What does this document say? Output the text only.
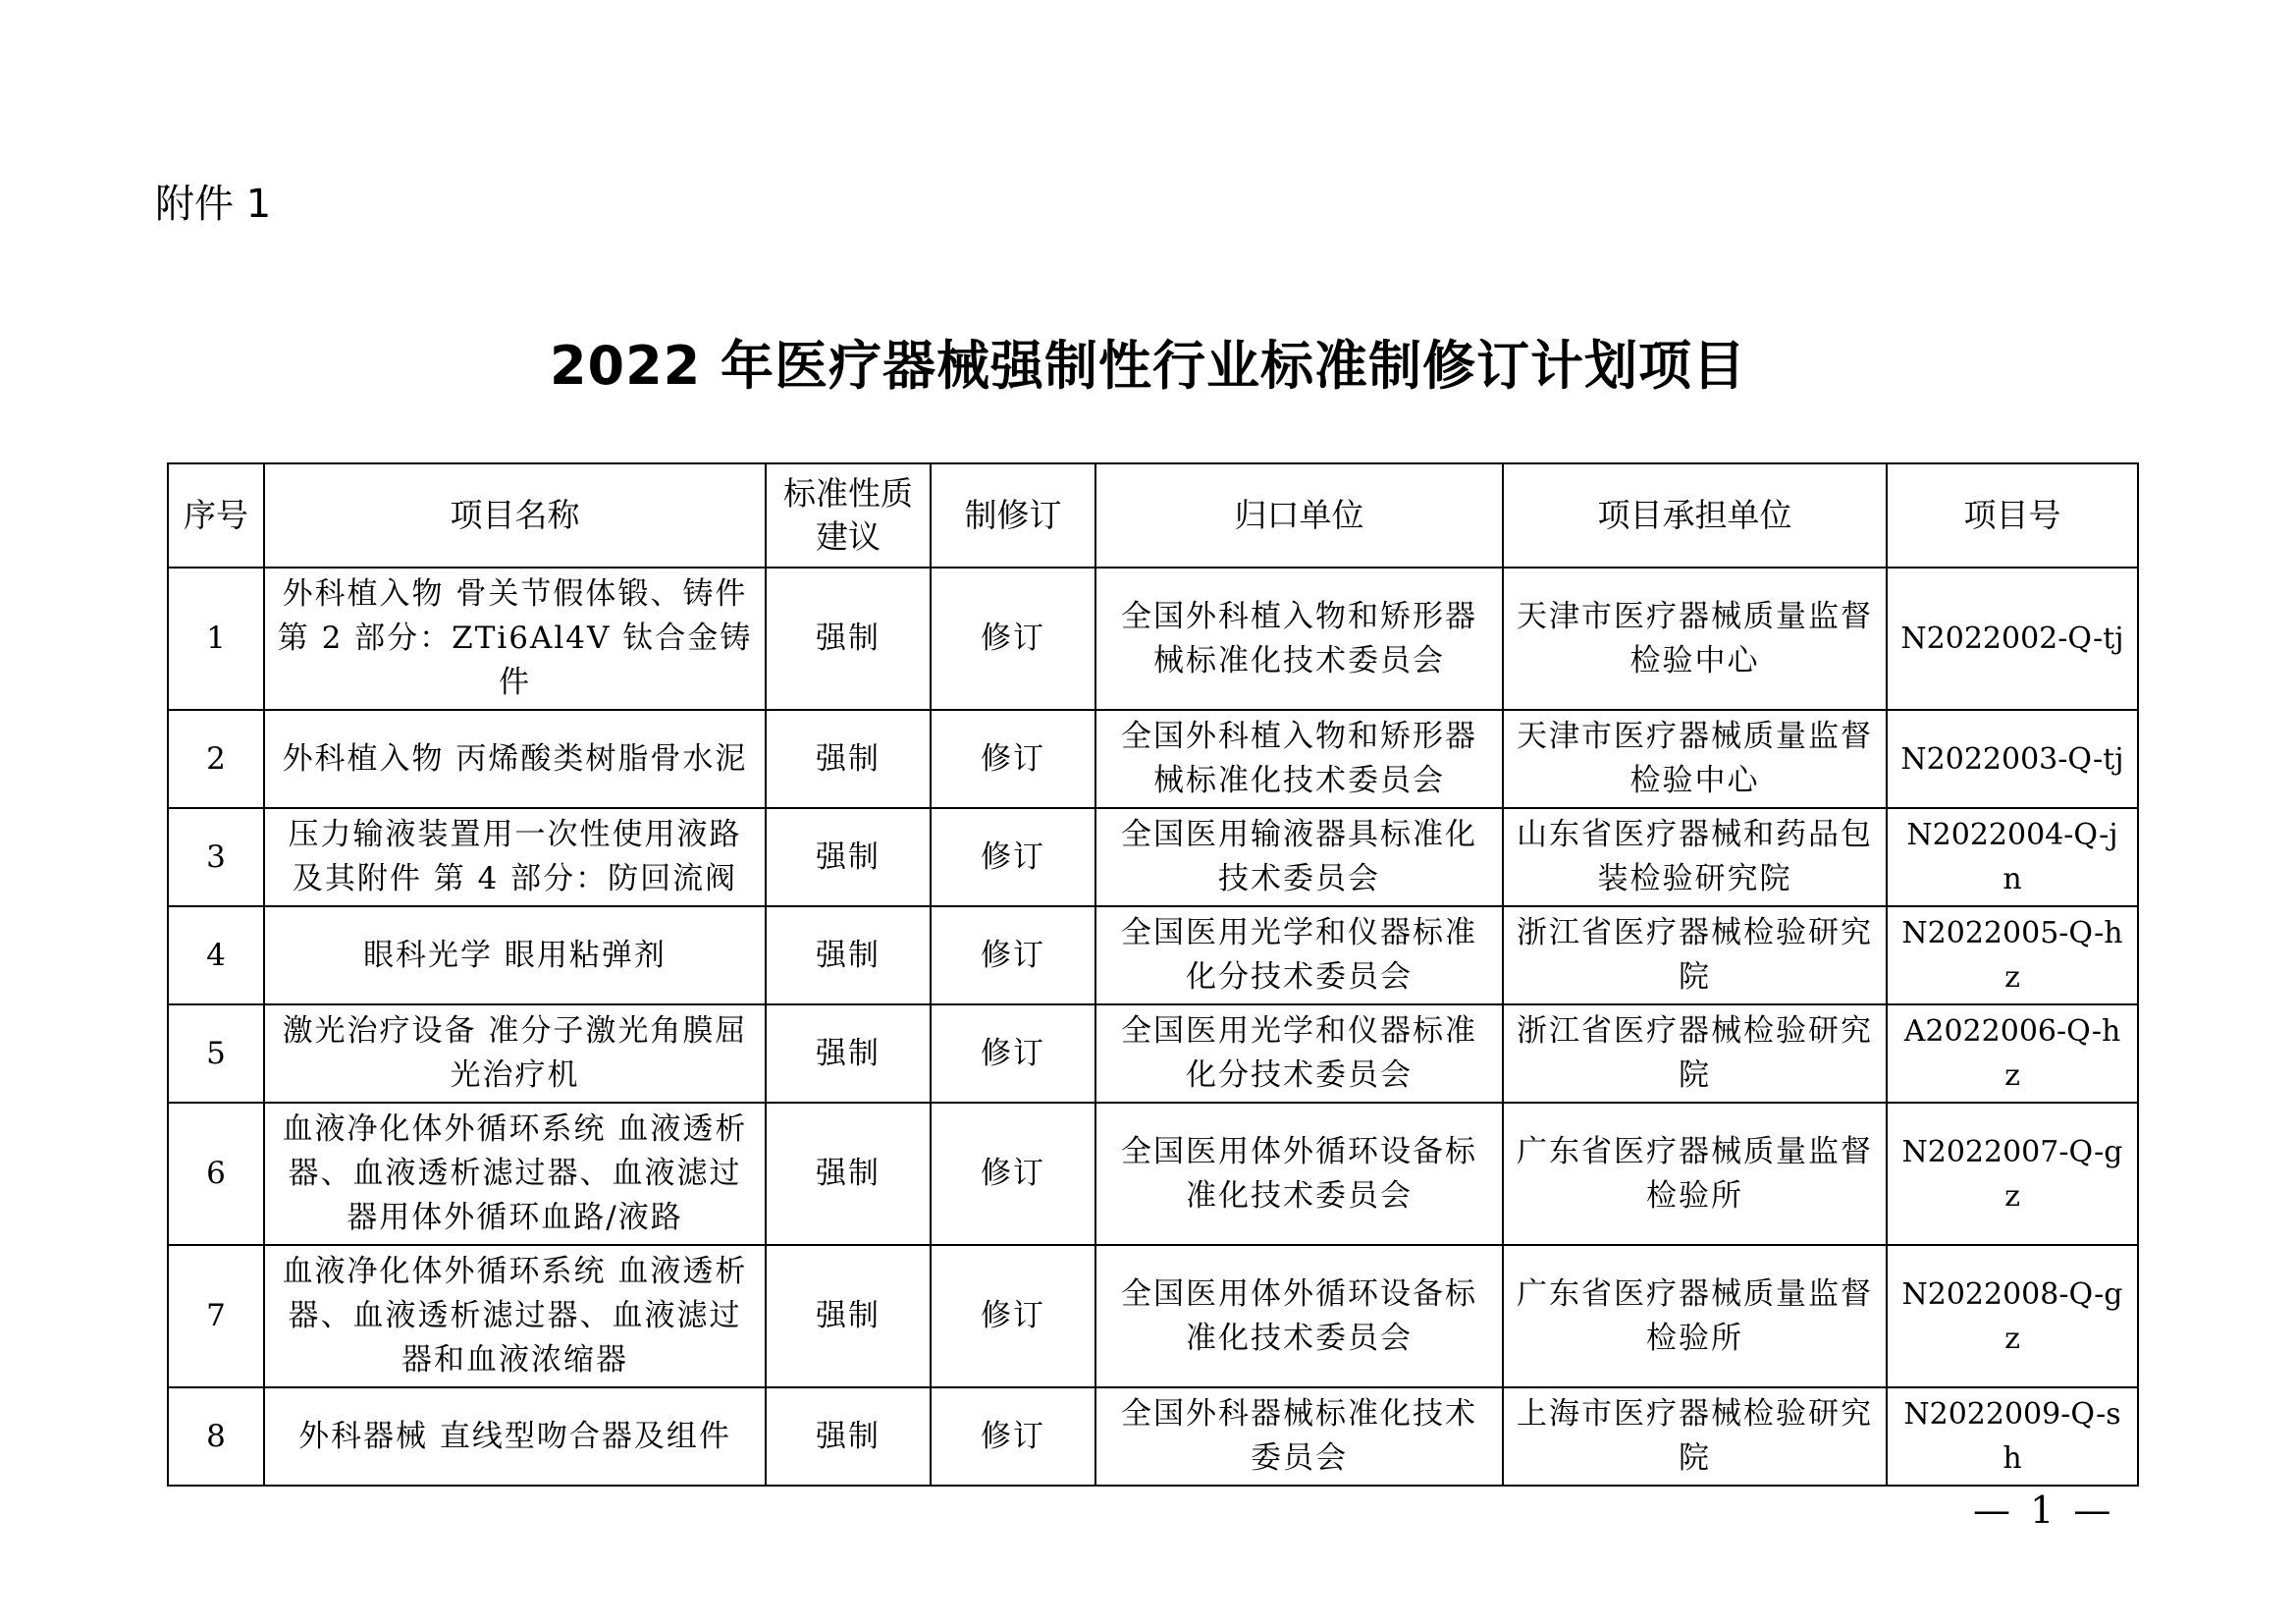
附件 1

2022 年医疗器械强制性行业标准制修订计划项目
序号	项目名称	标准性质建议	制修订	归口单位	项目承担单位	项目号
1	外科植入物 骨关节假体锻、铸件 第 2 部分：ZTi6Al4V 钛合金铸件	强制	修订	全国外科植入物和矫形器械标准化技术委员会	天津市医疗器械质量监督检验中心	N2022002-Q-tj
2	外科植入物 丙烯酸类树脂骨水泥	强制	修订	全国外科植入物和矫形器械标准化技术委员会	天津市医疗器械质量监督检验中心	N2022003-Q-tj
3	压力输液装置用一次性使用液路及其附件 第 4 部分：防回流阀	强制	修订	全国医用输液器具标准化技术委员会	山东省医疗器械和药品包装检验研究院	N2022004-Q-jn
4	眼科光学 眼用粘弹剂	强制	修订	全国医用光学和仪器标准化分技术委员会	浙江省医疗器械检验研究院	N2022005-Q-hz
5	激光治疗设备 准分子激光角膜屈光治疗机	强制	修订	全国医用光学和仪器标准化分技术委员会	浙江省医疗器械检验研究院	A2022006-Q-hz
6	血液净化体外循环系统 血液透析器、血液透析滤过器、血液滤过器用体外循环血路/液路	强制	修订	全国医用体外循环设备标准化技术委员会	广东省医疗器械质量监督检验所	N2022007-Q-gz
7	血液净化体外循环系统 血液透析器、血液透析滤过器、血液滤过器和血液浓缩器	强制	修订	全国医用体外循环设备标准化技术委员会	广东省医疗器械质量监督检验所	N2022008-Q-gz
8	外科器械 直线型吻合器及组件	强制	修订	全国外科器械标准化技术委员会	上海市医疗器械检验研究院	N2022009-Q-sh
— 1 —
